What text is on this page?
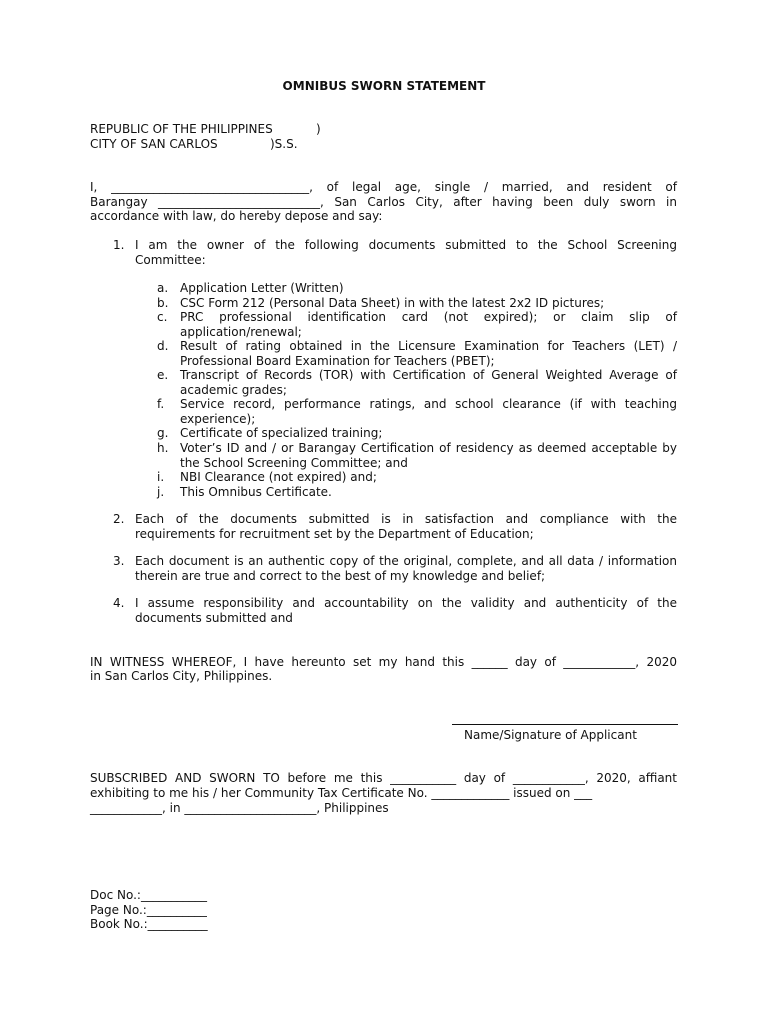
OMNIBUS SWORN STATEMENT
REPUBLIC OF THE PHILIPPINES	)
CITY OF SAN CARLOS	)S.S.
I, _________________________________, of legal age, single / married, and resident of
Barangay ___________________________, San Carlos City, after having been duly sworn in
accordance with law, do hereby depose and say:
1. I am the owner of the following documents submitted to the School Screening
Committee:
a. Application Letter (Written)
b. CSC Form 212 (Personal Data Sheet) in with the latest 2x2 ID pictures;
c. PRC professional identification card (not expired); or claim slip of
application/renewal;
d. Result of rating obtained in the Licensure Examination for Teachers (LET) /
Professional Board Examination for Teachers (PBET);
e. Transcript of Records (TOR) with Certification of General Weighted Average of
academic grades;
f. Service record, performance ratings, and school clearance (if with teaching
experience);
g. Certificate of specialized training;
h. Voter’s ID and / or Barangay Certification of residency as deemed acceptable by
the School Screening Committee; and
i. NBI Clearance (not expired) and;
j. This Omnibus Certificate.
2. Each of the documents submitted is in satisfaction and compliance with the
requirements for recruitment set by the Department of Education;
3. Each document is an authentic copy of the original, complete, and all data / information
therein are true and correct to the best of my knowledge and belief;
4. I assume responsibility and accountability on the validity and authenticity of the
documents submitted and
IN WITNESS WHEREOF, I have hereunto set my hand this ______ day of ____________, 2020
in San Carlos City, Philippines.
Name/Signature of Applicant
SUBSCRIBED AND SWORN TO before me this ___________ day of ____________, 2020, affiant
exhibiting to me his / her Community Tax Certificate No. _____________ issued on ___
____________, in ______________________, Philippines
Doc No.:___________
Page No.:__________
Book No.:__________
